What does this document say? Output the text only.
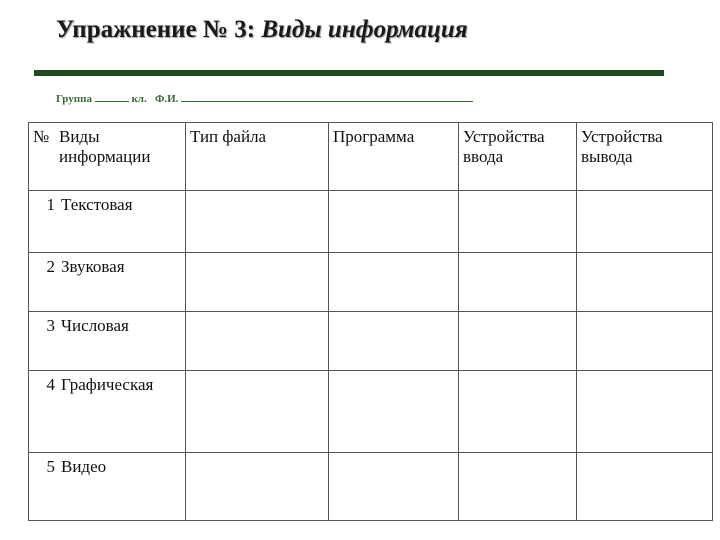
Упражнение № 3: Виды информация
Группа	кл. Ф.И.
№ Виды информации	Тип файла	Программа	Устройства ввода	Устройства вывода
1 Текстовая				
2 Звуковая				
3 Числовая				
4 Графическая				
5 Видео				
